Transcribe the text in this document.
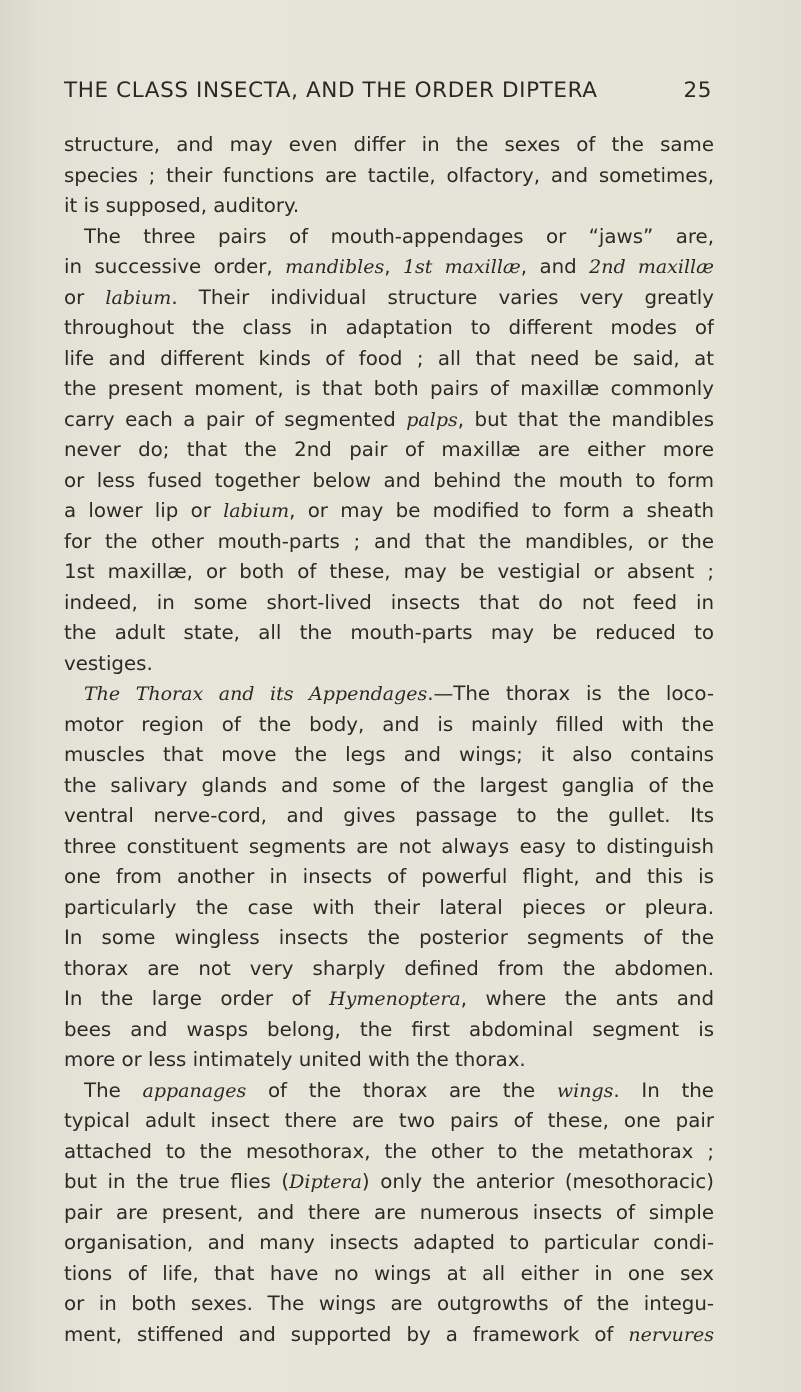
THE CLASS INSECTA, AND THE ORDER DIPTERA	25
structure, and may even differ in the sexes of the same
species ; their functions are tactile, olfactory, and sometimes,
it is supposed, auditory.
The three pairs of mouth-appendages or “jaws” are,
in successive order, mandibles, 1st maxillæ, and 2nd maxillæ
or labium. Their individual structure varies very greatly
throughout the class in adaptation to different modes of
life and different kinds of food ; all that need be said, at
the present moment, is that both pairs of maxillæ commonly
carry each a pair of segmented palps, but that the mandibles
never do; that the 2nd pair of maxillæ are either more
or less fused together below and behind the mouth to form
a lower lip or labium, or may be modified to form a sheath
for the other mouth-parts ; and that the mandibles, or the
1st maxillæ, or both of these, may be vestigial or absent ;
indeed, in some short-lived insects that do not feed in
the adult state, all the mouth-parts may be reduced to
vestiges.
The Thorax and its Appendages.—The thorax is the loco-
motor region of the body, and is mainly filled with the
muscles that move the legs and wings; it also contains
the salivary glands and some of the largest ganglia of the
ventral nerve-cord, and gives passage to the gullet. Its
three constituent segments are not always easy to distinguish
one from another in insects of powerful flight, and this is
particularly the case with their lateral pieces or pleura.
In some wingless insects the posterior segments of the
thorax are not very sharply defined from the abdomen.
In the large order of Hymenoptera, where the ants and
bees and wasps belong, the first abdominal segment is
more or less intimately united with the thorax.
The appanages of the thorax are the wings. In the
typical adult insect there are two pairs of these, one pair
attached to the mesothorax, the other to the metathorax ;
but in the true flies (Diptera) only the anterior (mesothoracic)
pair are present, and there are numerous insects of simple
organisation, and many insects adapted to particular condi-
tions of life, that have no wings at all either in one sex
or in both sexes. The wings are outgrowths of the integu-
ment, stiffened and supported by a framework of nervures
